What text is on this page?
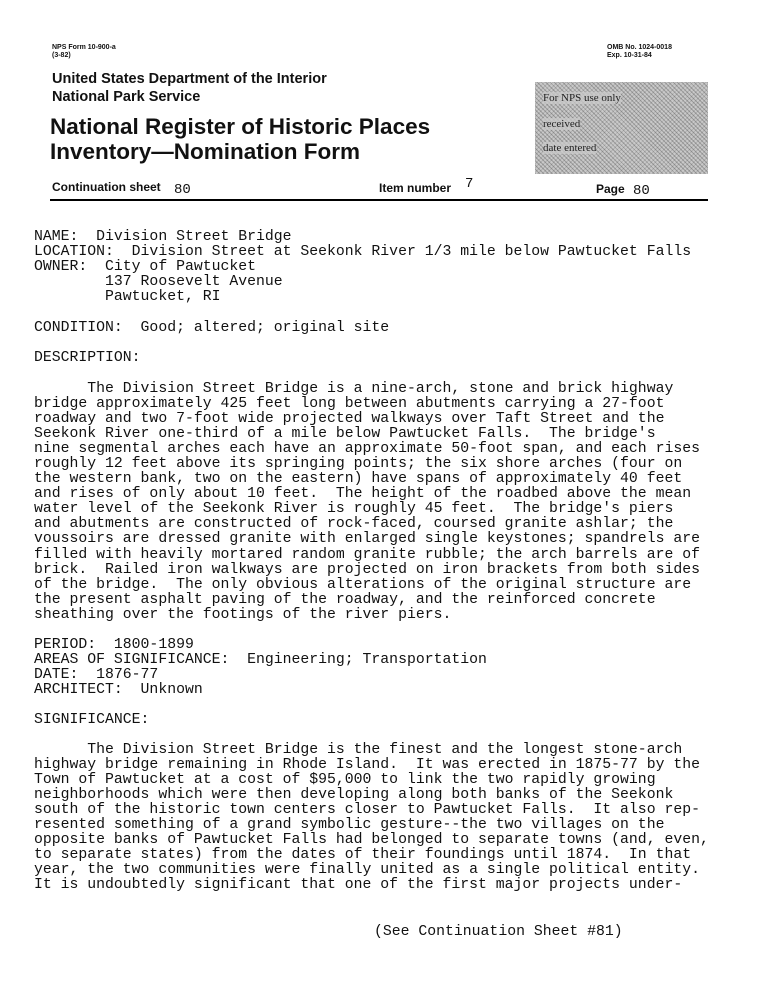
NPS Form 10-900-a
(3-82)
OMB No. 1024-0018
Exp. 10-31-84
United States Department of the Interior
National Park Service
National Register of Historic Places
Inventory—Nomination Form
For NPS use only
received
date entered
Continuation sheet 80	Item number 7	Page 80
NAME:  Division Street Bridge
LOCATION:  Division Street at Seekonk River 1/3 mile below Pawtucket Falls
OWNER:  City of Pawtucket
137 Roosevelt Avenue
Pawtucket, RI
CONDITION:  Good; altered; original site
DESCRIPTION:
The Division Street Bridge is a nine-arch, stone and brick highway
bridge approximately 425 feet long between abutments carrying a 27-foot
roadway and two 7-foot wide projected walkways over Taft Street and the
Seekonk River one-third of a mile below Pawtucket Falls.  The bridge's
nine segmental arches each have an approximate 50-foot span, and each rises
roughly 12 feet above its springing points; the six shore arches (four on
the western bank, two on the eastern) have spans of approximately 40 feet
and rises of only about 10 feet.  The height of the roadbed above the mean
water level of the Seekonk River is roughly 45 feet.  The bridge's piers
and abutments are constructed of rock-faced, coursed granite ashlar; the
voussoirs are dressed granite with enlarged single keystones; spandrels are
filled with heavily mortared random granite rubble; the arch barrels are of
brick.  Railed iron walkways are projected on iron brackets from both sides
of the bridge.  The only obvious alterations of the original structure are
the present asphalt paving of the roadway, and the reinforced concrete
sheathing over the footings of the river piers.
PERIOD:  1800-1899
AREAS OF SIGNIFICANCE:  Engineering; Transportation
DATE:  1876-77
ARCHITECT:  Unknown
SIGNIFICANCE:
The Division Street Bridge is the finest and the longest stone-arch
highway bridge remaining in Rhode Island.  It was erected in 1875-77 by the
Town of Pawtucket at a cost of $95,000 to link the two rapidly growing
neighborhoods which were then developing along both banks of the Seekonk
south of the historic town centers closer to Pawtucket Falls.  It also rep-
resented something of a grand symbolic gesture--the two villages on the
opposite banks of Pawtucket Falls had belonged to separate towns (and, even,
to separate states) from the dates of their foundings until 1874.  In that
year, the two communities were finally united as a single political entity.
It is undoubtedly significant that one of the first major projects under-
(See Continuation Sheet #81)
